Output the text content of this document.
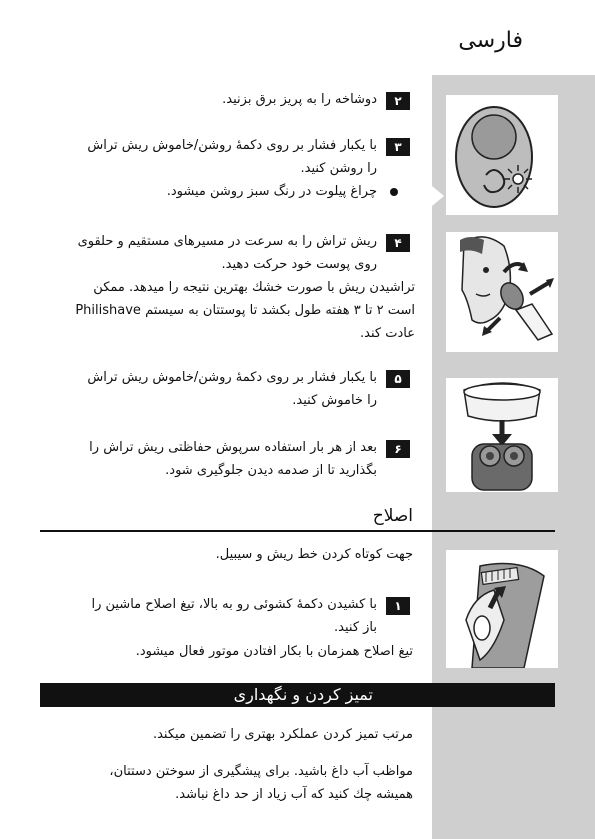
فارسی
۲
دوشاخه را به پریز برق بزنید.
۳
با یکبار فشار بر روی دکمهٔ روشن/خاموش ریش تراش
را روشن کنید.
چراغ پیلوت در رنگ سبز روشن میشود.
۴
ریش تراش را به سرعت در مسیرهای مستقیم و حلقوی
روی پوست خود حرکت دهید.
تراشیدن ریش با صورت خشك بهترین نتیجه را میدهد. ممکن
است ۲ تا ۳ هفته طول بکشد تا پوستتان به سیستم Philishave
عادت کند.
۵
با یکبار فشار بر روی دکمهٔ روشن/خاموش ریش تراش
را خاموش کنید.
۶
بعد از هر بار استفاده سرپوش حفاظتی ریش تراش را
بگذارید تا از صدمه دیدن جلوگیری شود.
اصلاح
جهت کوتاه کردن خط ریش و سیبیل.
۱
با کشیدن دکمهٔ کشوئی رو به بالا، تیغ اصلاح ماشین را
باز کنید.
تیغ اصلاح همزمان با بکار افتادن موتور فعال میشود.
تمیز کردن و نگهداری
مرتب تمیز کردن عملکرد بهتری را تضمین میکند.
مواظب آب داغ باشید. برای پیشگیری از سوختن دستتان،
همیشه چك کنید که آب زیاد از حد داغ نباشد.
